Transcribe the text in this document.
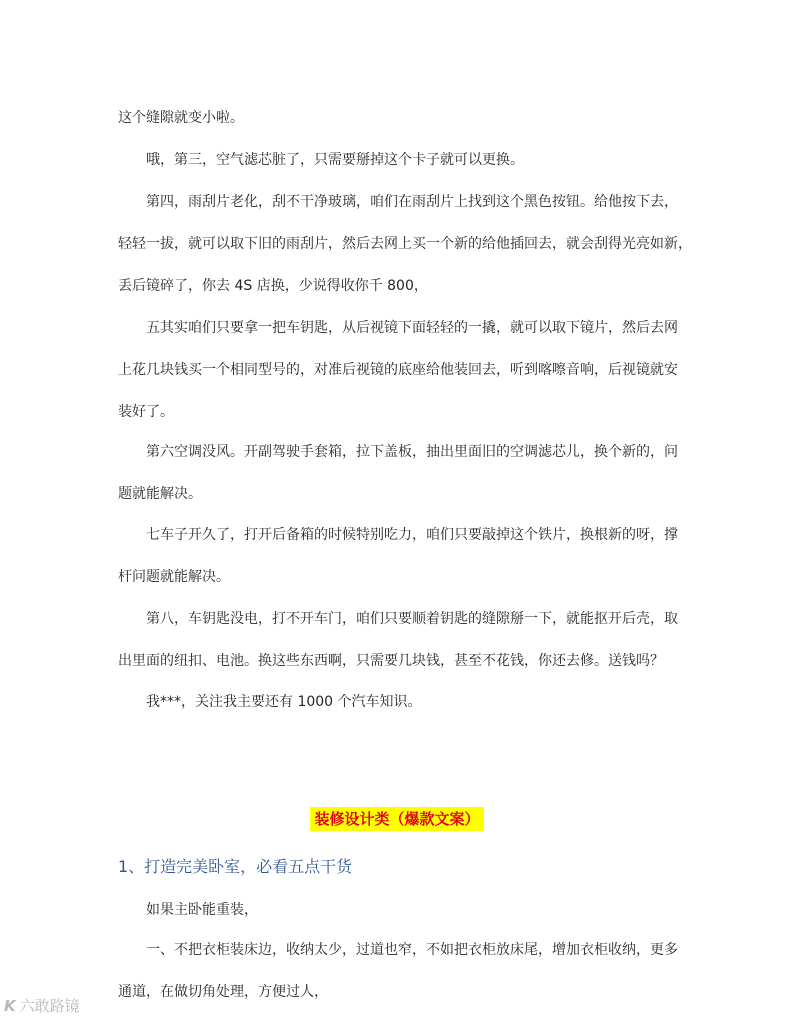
这个缝隙就变小啦。
　　哦，第三，空气滤芯脏了，只需要掰掉这个卡子就可以更换。
　　第四，雨刮片老化，刮不干净玻璃，咱们在雨刮片上找到这个黑色按钮。给他按下去，
轻轻一拔，就可以取下旧的雨刮片，然后去网上买一个新的给他插回去，就会刮得光亮如新，
丢后镜碎了，你去 4S 店换，少说得收你千 800，
　　五其实咱们只要拿一把车钥匙，从后视镜下面轻轻的一撬，就可以取下镜片，然后去网
上花几块钱买一个相同型号的，对准后视镜的底座给他装回去，听到喀嚓音响，后视镜就安
装好了。
　　第六空调没风。开副驾驶手套箱，拉下盖板，抽出里面旧的空调滤芯儿，换个新的，问
题就能解决。
　　七车子开久了，打开后备箱的时候特别吃力，咱们只要敲掉这个铁片，换根新的呀，撑
杆问题就能解决。
　　第八，车钥匙没电，打不开车门，咱们只要顺着钥匙的缝隙掰一下，就能抠开后壳，取
出里面的纽扣、电池。换这些东西啊，只需要几块钱，甚至不花钱，你还去修。送钱吗？
　　我***，关注我主要还有 1000 个汽车知识。
装修设计类（爆款文案）
1、打造完美卧室，必看五点干货
　　如果主卧能重装，
　　一、不把衣柜装床边，收纳太少，过道也窄，不如把衣柜放床尾，增加衣柜收纳，更多
通道，在做切角处理，方便过人，
K 六敢路镜
